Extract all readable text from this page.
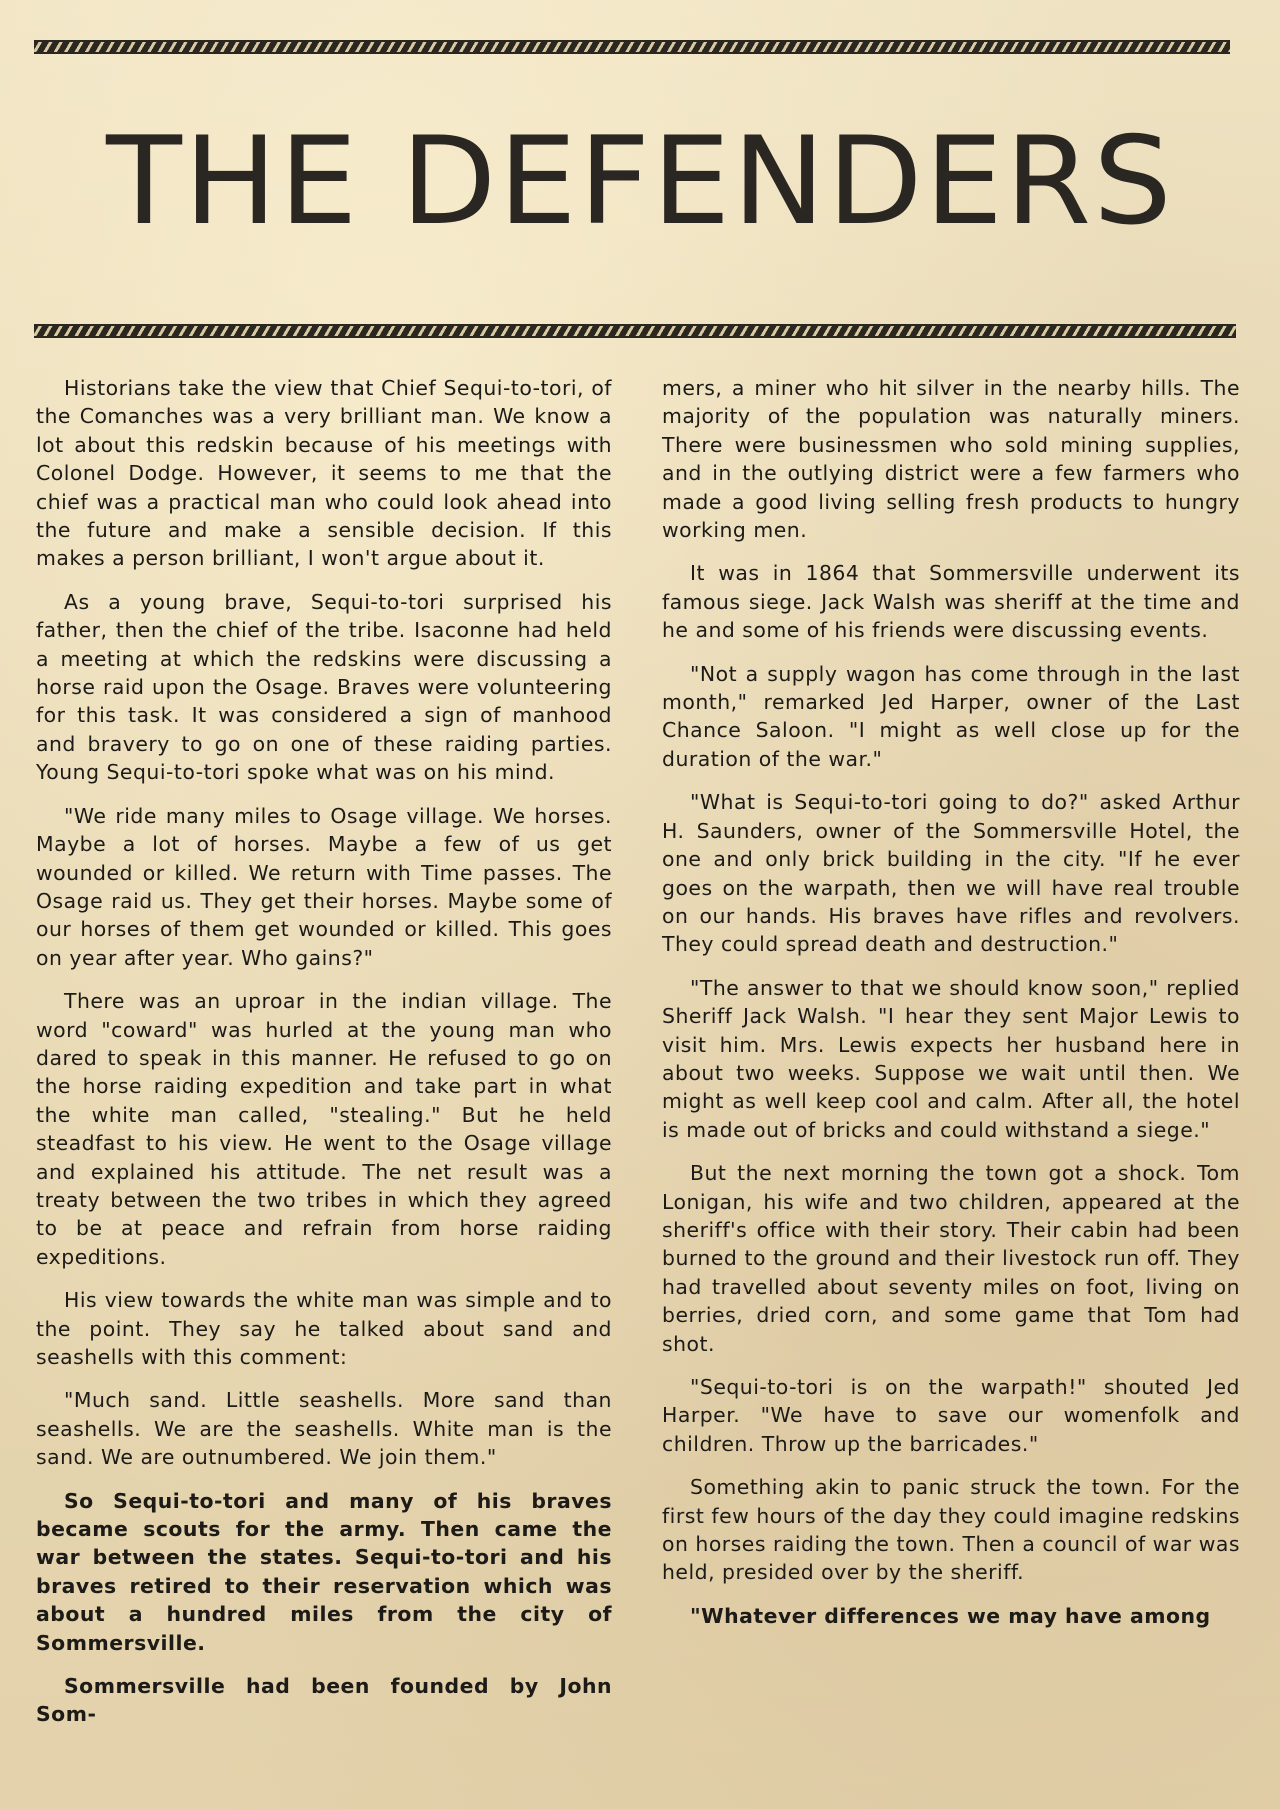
THE DEFENDERS

Historians take the view that Chief Sequi-to-tori, of the Comanches was a very brilliant man. We know a lot about this redskin because of his meetings with Colonel Dodge. However, it seems to me that the chief was a practical man who could look ahead into the future and make a sensible decision. If this makes a person brilliant, I won't argue about it.

As a young brave, Sequi-to-tori surprised his father, then the chief of the tribe. Isaconne had held a meeting at which the redskins were discussing a horse raid upon the Osage. Braves were volunteering for this task. It was considered a sign of manhood and bravery to go on one of these raiding parties. Young Sequi-to-tori spoke what was on his mind.

"We ride many miles to Osage village. We horses. Maybe a lot of horses. Maybe a few of us get wounded or killed. We return with Time passes. The Osage raid us. They get their horses. Maybe some of our horses of them get wounded or killed. This goes on year after year. Who gains?"

There was an uproar in the indian village. The word "coward" was hurled at the young man who dared to speak in this manner. He refused to go on the horse raiding expedition and take part in what the white man called, "stealing." But he held steadfast to his view. He went to the Osage village and explained his attitude. The net result was a treaty between the two tribes in which they agreed to be at peace and refrain from horse raiding expeditions.

His view towards the white man was simple and to the point. They say he talked about sand and seashells with this comment:

"Much sand. Little seashells. More sand than seashells. We are the seashells. White man is the sand. We are outnumbered. We join them."

So Sequi-to-tori and many of his braves became scouts for the army. Then came the war between the states. Sequi-to-tori and his braves retired to their reservation which was about a hundred miles from the city of Sommersville.

Sommersville had been founded by John Som-

mers, a miner who hit silver in the nearby hills. The majority of the population was naturally miners. There were businessmen who sold mining supplies, and in the outlying district were a few farmers who made a good living selling fresh products to hungry working men.

It was in 1864 that Sommersville underwent its famous siege. Jack Walsh was sheriff at the time and he and some of his friends were discussing events.

"Not a supply wagon has come through in the last month," remarked Jed Harper, owner of the Last Chance Saloon. "I might as well close up for the duration of the war."

"What is Sequi-to-tori going to do?" asked Arthur H. Saunders, owner of the Sommersville Hotel, the one and only brick building in the city. "If he ever goes on the warpath, then we will have real trouble on our hands. His braves have rifles and revolvers. They could spread death and destruction."

"The answer to that we should know soon," replied Sheriff Jack Walsh. "I hear they sent Major Lewis to visit him. Mrs. Lewis expects her husband here in about two weeks. Suppose we wait until then. We might as well keep cool and calm. After all, the hotel is made out of bricks and could withstand a siege."

But the next morning the town got a shock. Tom Lonigan, his wife and two children, appeared at the sheriff's office with their story. Their cabin had been burned to the ground and their livestock run off. They had travelled about seventy miles on foot, living on berries, dried corn, and some game that Tom had shot.

"Sequi-to-tori is on the warpath!" shouted Jed Harper. "We have to save our womenfolk and children. Throw up the barricades."

Something akin to panic struck the town. For the first few hours of the day they could imagine redskins on horses raiding the town. Then a council of war was held, presided over by the sheriff.

"Whatever differences we may have among
